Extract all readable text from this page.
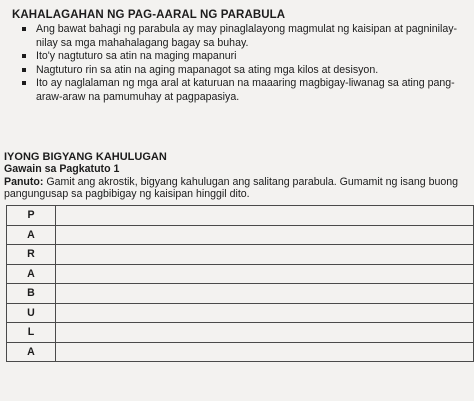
KAHALAGAHAN NG PAG-AARAL NG PARABULA
Ang bawat bahagi ng parabula ay may pinaglalayong magmulat ng kaisipan at pagninilay-nilay sa mga mahahalagang bagay sa buhay.
Ito'y nagtuturo sa atin na maging mapanuri
Nagtuturo rin sa atin na aging mapanagot sa ating mga kilos at desisyon.
Ito ay naglalaman ng mga aral at katuruan na maaaring magbigay-liwanag sa ating pang-araw-araw na pamumuhay at pagpapasiya.
IYONG BIGYANG KAHULUGAN
Gawain sa Pagkatuto 1
Panuto: Gamit ang akrostik, bigyang kahulugan ang salitang parabula. Gumamit ng isang buong pangungusap sa pagbibigay ng kaisipan hinggil dito.
P	
A	
R	
A	
B	
U	
L	
A	
